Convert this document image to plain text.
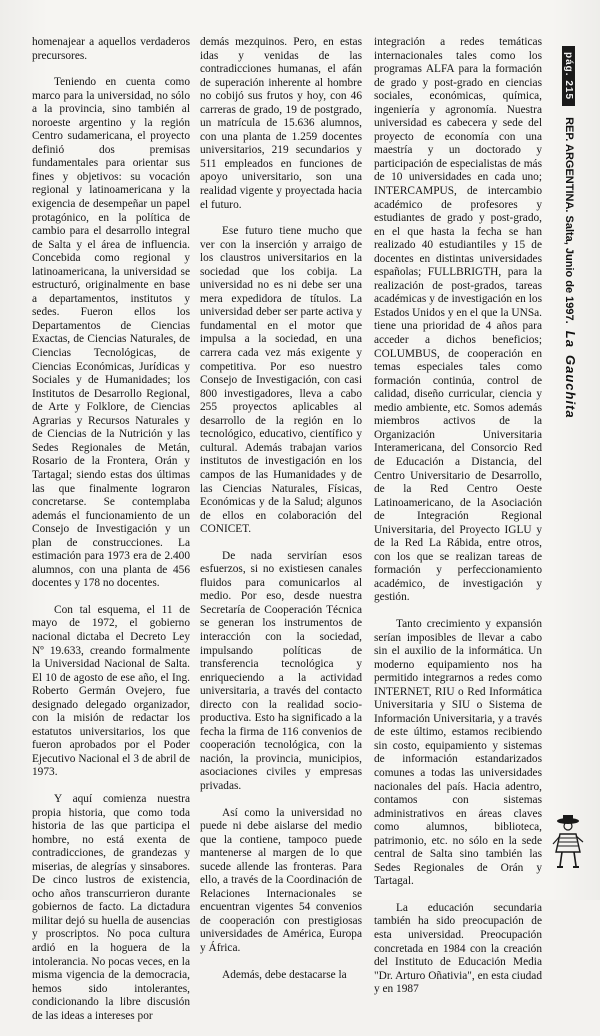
homenajear a aquellos verdaderos precursores.

Teniendo en cuenta como marco para la universidad, no sólo a la provincia, sino también al noroeste argentino y la región Centro sudamericana, el proyecto definió dos premisas fundamentales para orientar sus fines y objetivos: su vocación regional y latinoamericana y la exigencia de desempeñar un papel protagónico, en la política de cambio para el desarrollo integral de Salta y el área de influencia. Concebida como regional y latinoamericana, la universidad se estructuró, originalmente en base a departamentos, institutos y sedes. Fueron ellos los Departamentos de Ciencias Exactas, de Ciencias Naturales, de Ciencias Tecnológicas, de Ciencias Económicas, Jurídicas y Sociales y de Humanidades; los Institutos de Desarrollo Regional, de Arte y Folklore, de Ciencias Agrarias y Recursos Naturales y de Ciencias de la Nutrición y las Sedes Regionales de Metán, Rosario de la Frontera, Orán y Tartagal; siendo estas dos últimas las que finalmente lograron concretarse. Se contemplaba además el funcionamiento de un Consejo de Investigación y un plan de construcciones. La estimación para 1973 era de 2.400 alumnos, con una planta de 456 docentes y 178 no docentes.

Con tal esquema, el 11 de mayo de 1972, el gobierno nacional dictaba el Decreto Ley Nº 19.633, creando formalmente la Universidad Nacional de Salta. El 10 de agosto de ese año, el Ing. Roberto Germán Ovejero, fue designado delegado organizador, con la misión de redactar los estatutos universitarios, los que fueron aprobados por el Poder Ejecutivo Nacional el 3 de abril de 1973.

Y aquí comienza nuestra propia historia, que como toda historia de las que participa el hombre, no está exenta de contradicciones, de grandezas y miserias, de alegrías y sinsabores. De cinco lustros de existencia, ocho años transcurrieron durante gobiernos de facto. La dictadura militar dejó su huella de ausencias y proscriptos. No poca cultura ardió en la hoguera de la intolerancia. No pocas veces, en la misma vigencia de la democracia, hemos sido intolerantes, condicionando la libre discusión de las ideas a intereses por

demás mezquinos. Pero, en estas idas y venidas de las contradicciones humanas, el afán de superación inherente al hombre no cobijó sus frutos y hoy, con 46 carreras de grado, 19 de postgrado, un matrícula de 15.636 alumnos, con una planta de 1.259 docentes universitarios, 219 secundarios y 511 empleados en funciones de apoyo universitario, son una realidad vigente y proyectada hacia el futuro.

Ese futuro tiene mucho que ver con la inserción y arraigo de los claustros universitarios en la sociedad que los cobija. La universidad no es ni debe ser una mera expedidora de títulos. La universidad deber ser parte activa y fundamental en el motor que impulsa a la sociedad, en una carrera cada vez más exigente y competitiva. Por eso nuestro Consejo de Investigación, con casi 800 investigadores, lleva a cabo 255 proyectos aplicables al desarrollo de la región en lo tecnológico, educativo, científico y cultural. Además trabajan varios institutos de investigación en los campos de las Humanidades y de las Ciencias Naturales, Físicas, Económicas y de la Salud; algunos de ellos en colaboración del CONICET.

De nada servirían esos esfuerzos, si no existiesen canales fluidos para comunicarlos al medio. Por eso, desde nuestra Secretaría de Cooperación Técnica se generan los instrumentos de interacción con la sociedad, impulsando políticas de transferencia tecnológica y enriqueciendo a la actividad universitaria, a través del contacto directo con la realidad socio-productiva. Esto ha significado a la fecha la firma de 116 convenios de cooperación tecnológica, con la nación, la provincia, municipios, asociaciones civiles y empresas privadas.

Así como la universidad no puede ni debe aislarse del medio que la contiene, tampoco puede mantenerse al margen de lo que sucede allende las fronteras. Para ello, a través de la Coordinación de Relaciones Internacionales se encuentran vigentes 54 convenios de cooperación con prestigiosas universidades de América, Europa y África.

Además, debe destacarse la

integración a redes temáticas internacionales tales como los programas ALFA para la formación de grado y post-grado en ciencias sociales, económicas, química, ingeniería y agronomía. Nuestra universidad es cabecera y sede del proyecto de economía con una maestría y un doctorado y participación de especialistas de más de 10 universidades en cada uno; INTERCAMPUS, de intercambio académico de profesores y estudiantes de grado y post-grado, en el que hasta la fecha se han realizado 40 estudiantiles y 15 de docentes en distintas universidades españolas; FULLBRIGTH, para la realización de post-grados, tareas académicas y de investigación en los Estados Unidos y en el que la UNSa. tiene una prioridad de 4 años para acceder a dichos beneficios; COLUMBUS, de cooperación en temas especiales tales como formación continúa, control de calidad, diseño curricular, ciencia y medio ambiente, etc. Somos además miembros activos de la Organización Universitaria Interamericana, del Consorcio Red de Educación a Distancia, del Centro Universitario de Desarrollo, de la Red Centro Oeste Latinoamericano, de la Asociación de Integración Regional Universitaria, del Proyecto IGLU y de la Red La Rábida, entre otros, con los que se realizan tareas de formación y perfeccionamiento académico, de investigación y gestión.

Tanto crecimiento y expansión serían imposibles de llevar a cabo sin el auxilio de la informática. Un moderno equipamiento nos ha permitido integrarnos a redes como INTERNET, RIU o Red Informática Universitaria y SIU o Sistema de Información Universitaria, y a través de este último, estamos recibiendo sin costo, equipamiento y sistemas de información estandarizados comunes a todas las universidades nacionales del país. Hacia adentro, contamos con sistemas administrativos en áreas claves como alumnos, biblioteca, patrimonio, etc. no sólo en la sede central de Salta sino también las Sedes Regionales de Orán y Tartagal.

La educación secundaria también ha sido preocupación de esta universidad. Preocupación concretada en 1984 con la creación del Instituto de Educación Media "Dr. Arturo Oñativia", en esta ciudad y en 1987

pág. 215 REP. ARGENTINA. Salta, Junio de 1997. La Gauchita
